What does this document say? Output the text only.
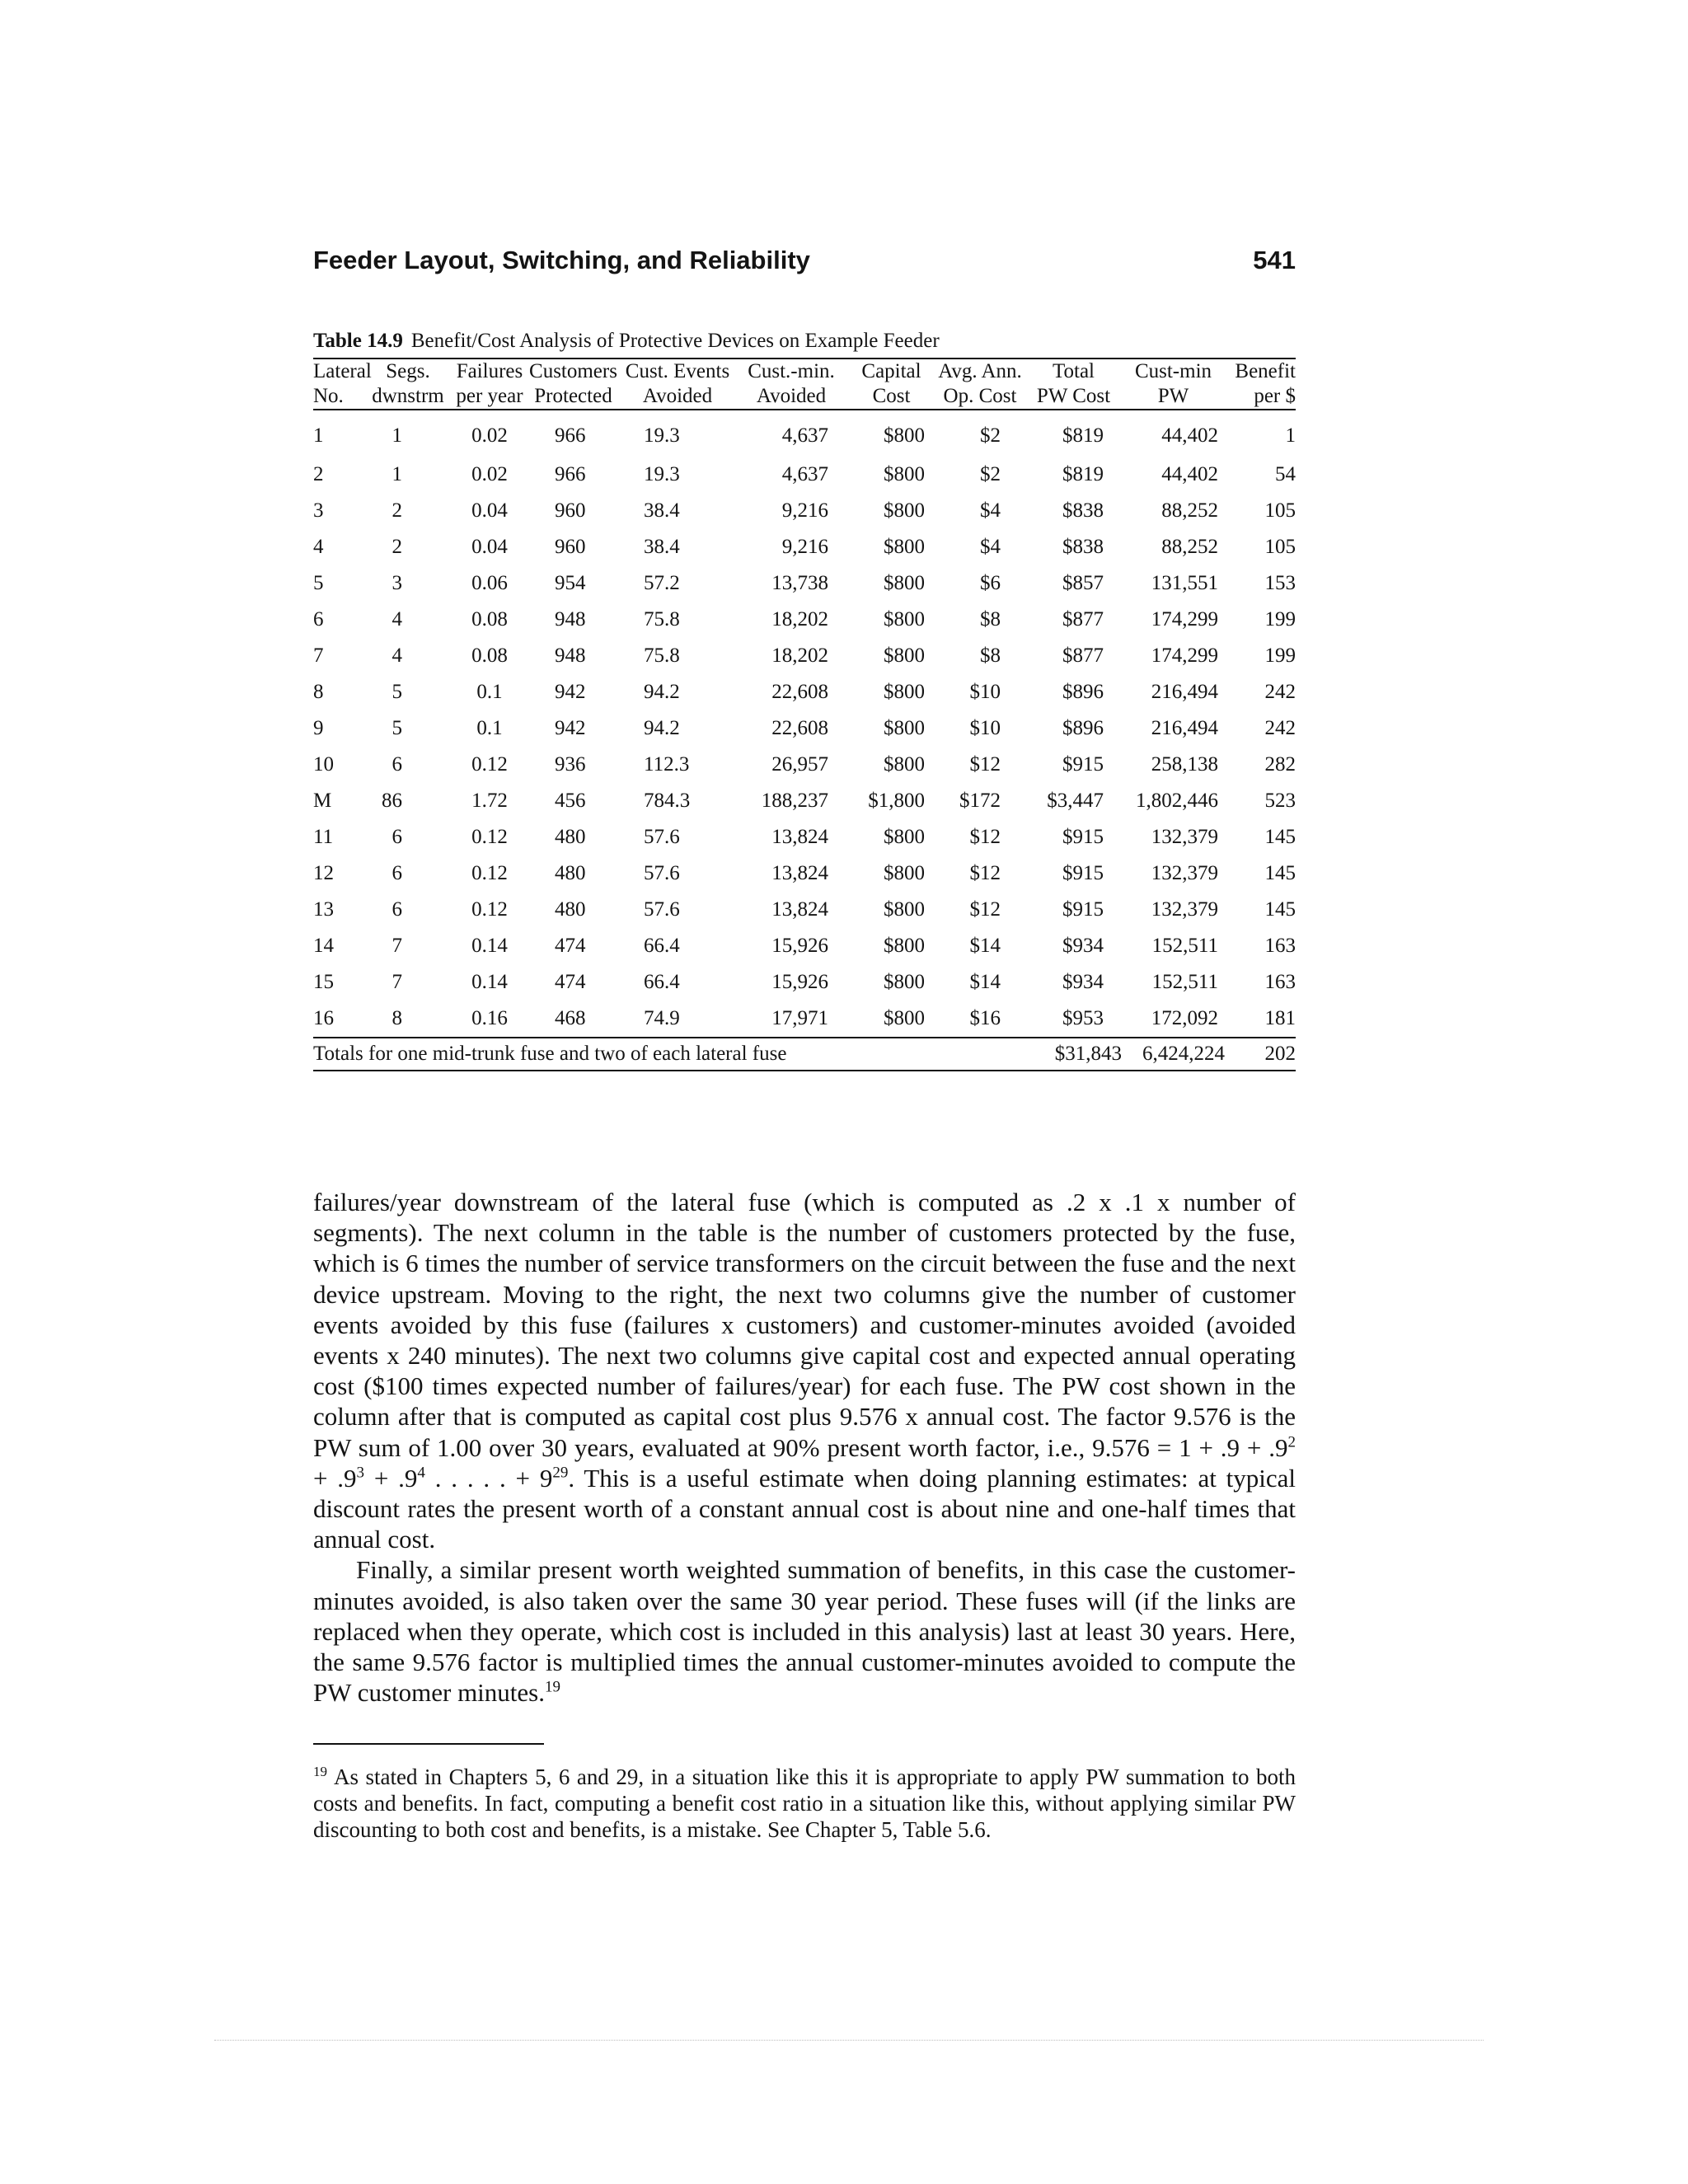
Feeder Layout, Switching, and Reliability	541
Table 14.9 Benefit/Cost Analysis of Protective Devices on Example Feeder
Lateral	Segs.	Failures	Customers	Cust. Events	Cust.-min.	Capital	Avg. Ann.	Total	Cust-min	Benefit
No.	dwnstrm	per year	Protected	Avoided	Avoided	Cost	Op. Cost	PW Cost	PW	per $
1	1	0.02	966	19.3	4,637	$800	$2	$819	44,402	1
2	1	0.02	966	19.3	4,637	$800	$2	$819	44,402	54
3	2	0.04	960	38.4	9,216	$800	$4	$838	88,252	105
4	2	0.04	960	38.4	9,216	$800	$4	$838	88,252	105
5	3	0.06	954	57.2	13,738	$800	$6	$857	131,551	153
6	4	0.08	948	75.8	18,202	$800	$8	$877	174,299	199
7	4	0.08	948	75.8	18,202	$800	$8	$877	174,299	199
8	5	0.1	942	94.2	22,608	$800	$10	$896	216,494	242
9	5	0.1	942	94.2	22,608	$800	$10	$896	216,494	242
10	6	0.12	936	112.3	26,957	$800	$12	$915	258,138	282
M	86	1.72	456	784.3	188,237	$1,800	$172	$3,447	1,802,446	523
11	6	0.12	480	57.6	13,824	$800	$12	$915	132,379	145
12	6	0.12	480	57.6	13,824	$800	$12	$915	132,379	145
13	6	0.12	480	57.6	13,824	$800	$12	$915	132,379	145
14	7	0.14	474	66.4	15,926	$800	$14	$934	152,511	163
15	7	0.14	474	66.4	15,926	$800	$14	$934	152,511	163
16	8	0.16	468	74.9	17,971	$800	$16	$953	172,092	181
Totals for one mid-trunk fuse and two of each lateral fuse								$31,843	6,424,224	202

failures/year downstream of the lateral fuse (which is computed as .2 x .1 x number of segments). The next column in the table is the number of customers protected by the fuse, which is 6 times the number of service transformers on the circuit between the fuse and the next device upstream. Moving to the right, the next two columns give the number of customer events avoided by this fuse (failures x customers) and customer-minutes avoided (avoided events x 240 minutes). The next two columns give capital cost and expected annual operating cost ($100 times expected number of failures/year) for each fuse. The PW cost shown in the column after that is computed as capital cost plus 9.576 x annual cost. The factor 9.576 is the PW sum of 1.00 over 30 years, evaluated at 90% present worth factor, i.e., $9.576 = 1 + .9 + .9^2 + .9^3 + .9^4$ . . . . . + $9^{29}$. This is a useful estimate when doing planning estimates: at typical discount rates the present worth of a constant annual cost is about nine and one-half times that annual cost.

Finally, a similar present worth weighted summation of benefits, in this case the customer-minutes avoided, is also taken over the same 30 year period. These fuses will (if the links are replaced when they operate, which cost is included in this analysis) last at least 30 years. Here, the same 9.576 factor is multiplied times the annual customer-minutes avoided to compute the PW customer minutes.$^{19}$

$^{19}$ As stated in Chapters 5, 6 and 29, in a situation like this it is appropriate to apply PW summation to both costs and benefits. In fact, computing a benefit cost ratio in a situation like this, without applying similar PW discounting to both cost and benefits, is a mistake. See Chapter 5, Table 5.6.
